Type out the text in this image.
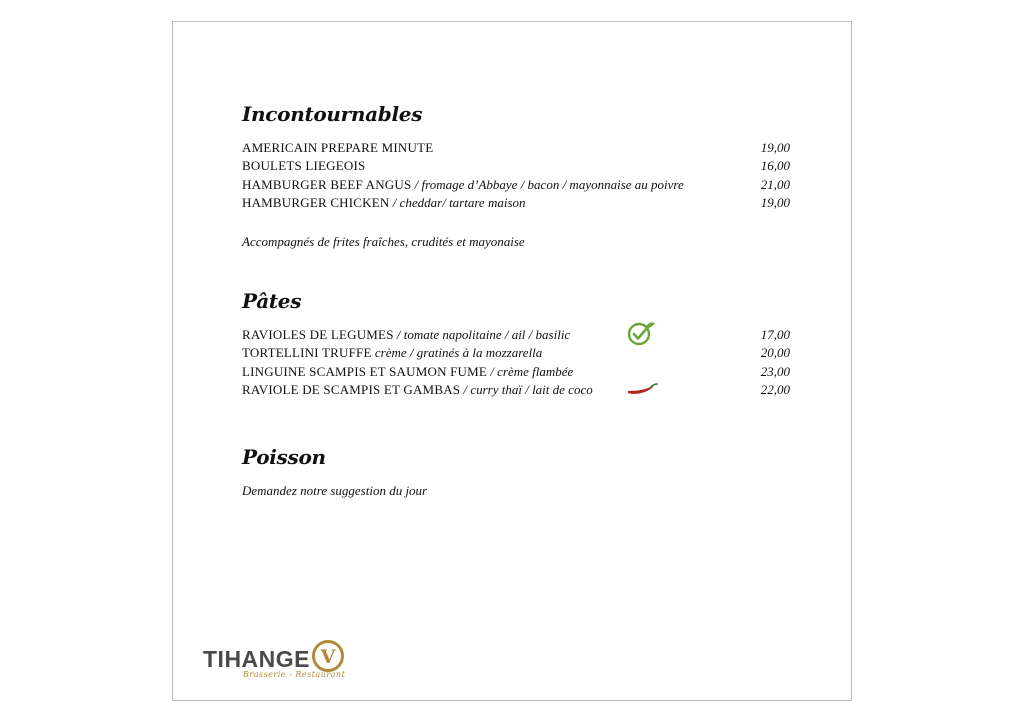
Incontournables
AMERICAIN PREPARE MINUTE	19,00
BOULETS LIEGEOIS	16,00
HAMBURGER BEEF ANGUS / fromage d’Abbaye / bacon / mayonnaise au poivre	21,00
HAMBURGER CHICKEN / cheddar/ tartare maison	19,00
Accompagnés de frites fraîches, crudités et mayonaise
Pâtes
RAVIOLES DE LEGUMES / tomate napolitaine / ail / basilic	17,00
TORTELLINI TRUFFE crème / gratinés à la mozzarella	20,00
LINGUINE SCAMPIS ET SAUMON FUME / crème flambée	23,00
RAVIOLE DE SCAMPIS ET GAMBAS / curry thaï / lait de coco	22,00
Poisson
Demandez notre suggestion du jour
TIHANGE V
Brasserie - Restaurant
